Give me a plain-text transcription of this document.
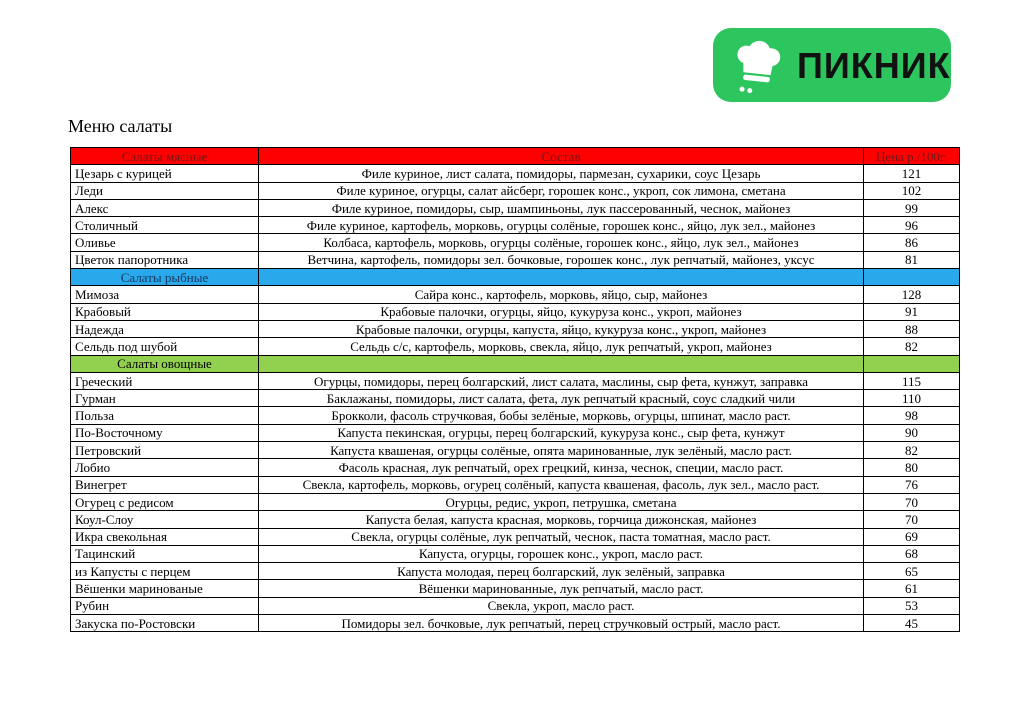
ПИКНИК
Меню салаты
Салаты мясные	Состав	Цена р./100г.
Цезарь с курицей	Филе куриное, лист салата, помидоры, пармезан, сухарики, соус Цезарь	121
Леди	Филе куриное, огурцы, салат айсберг, горошек конс., укроп, сок лимона, сметана	102
Алекс	Филе куриное, помидоры, сыр, шампиньоны, лук пассерованный, чеснок, майонез	99
Столичный	Филе куриное, картофель, морковь, огурцы солёные, горошек конс., яйцо, лук зел., майонез	96
Оливье	Колбаса, картофель, морковь, огурцы солёные, горошек конс., яйцо, лук зел., майонез	86
Цветок папоротника	Ветчина, картофель, помидоры зел. бочковые, горошек конс., лук репчатый, майонез, уксус	81
Салаты рыбные		
Мимоза	Сайра конс., картофель, морковь, яйцо, сыр, майонез	128
Крабовый	Крабовые палочки, огурцы, яйцо, кукуруза конс., укроп, майонез	91
Надежда	Крабовые палочки, огурцы, капуста, яйцо, кукуруза конс., укроп, майонез	88
Сельдь под шубой	Сельдь с/с, картофель, морковь, свекла, яйцо, лук репчатый, укроп, майонез	82
Салаты овощные		
Греческий	Огурцы, помидоры, перец болгарский, лист салата, маслины, сыр фета, кунжут, заправка	115
Гурман	Баклажаны, помидоры, лист салата, фета, лук репчатый красный, соус сладкий чили	110
Польза	Брокколи, фасоль стручковая, бобы зелёные, морковь, огурцы, шпинат, масло раст.	98
По-Восточному	Капуста пекинская, огурцы, перец болгарский, кукуруза конс., сыр фета, кунжут	90
Петровский	Капуста квашеная, огурцы солёные, опята маринованные, лук зелёный, масло раст.	82
Лобио	Фасоль красная, лук репчатый, орех грецкий, кинза, чеснок, специи, масло раст.	80
Винегрет	Свекла, картофель, морковь, огурец солёный, капуста квашеная, фасоль, лук зел., масло раст.	76
Огурец с редисом	Огурцы, редис, укроп, петрушка, сметана	70
Коул-Слоу	Капуста белая, капуста красная, морковь, горчица дижонская, майонез	70
Икра свекольная	Свекла, огурцы солёные, лук репчатый, чеснок, паста томатная, масло раст.	69
Тацинский	Капуста, огурцы, горошек конс., укроп, масло раст.	68
из Капусты с перцем	Капуста молодая, перец болгарский, лук зелёный, заправка	65
Вёшенки маринованые	Вёшенки маринованные, лук репчатый, масло раст.	61
Рубин	Свекла, укроп, масло раст.	53
Закуска по-Ростовски	Помидоры зел. бочковые, лук репчатый, перец стручковый острый, масло раст.	45
